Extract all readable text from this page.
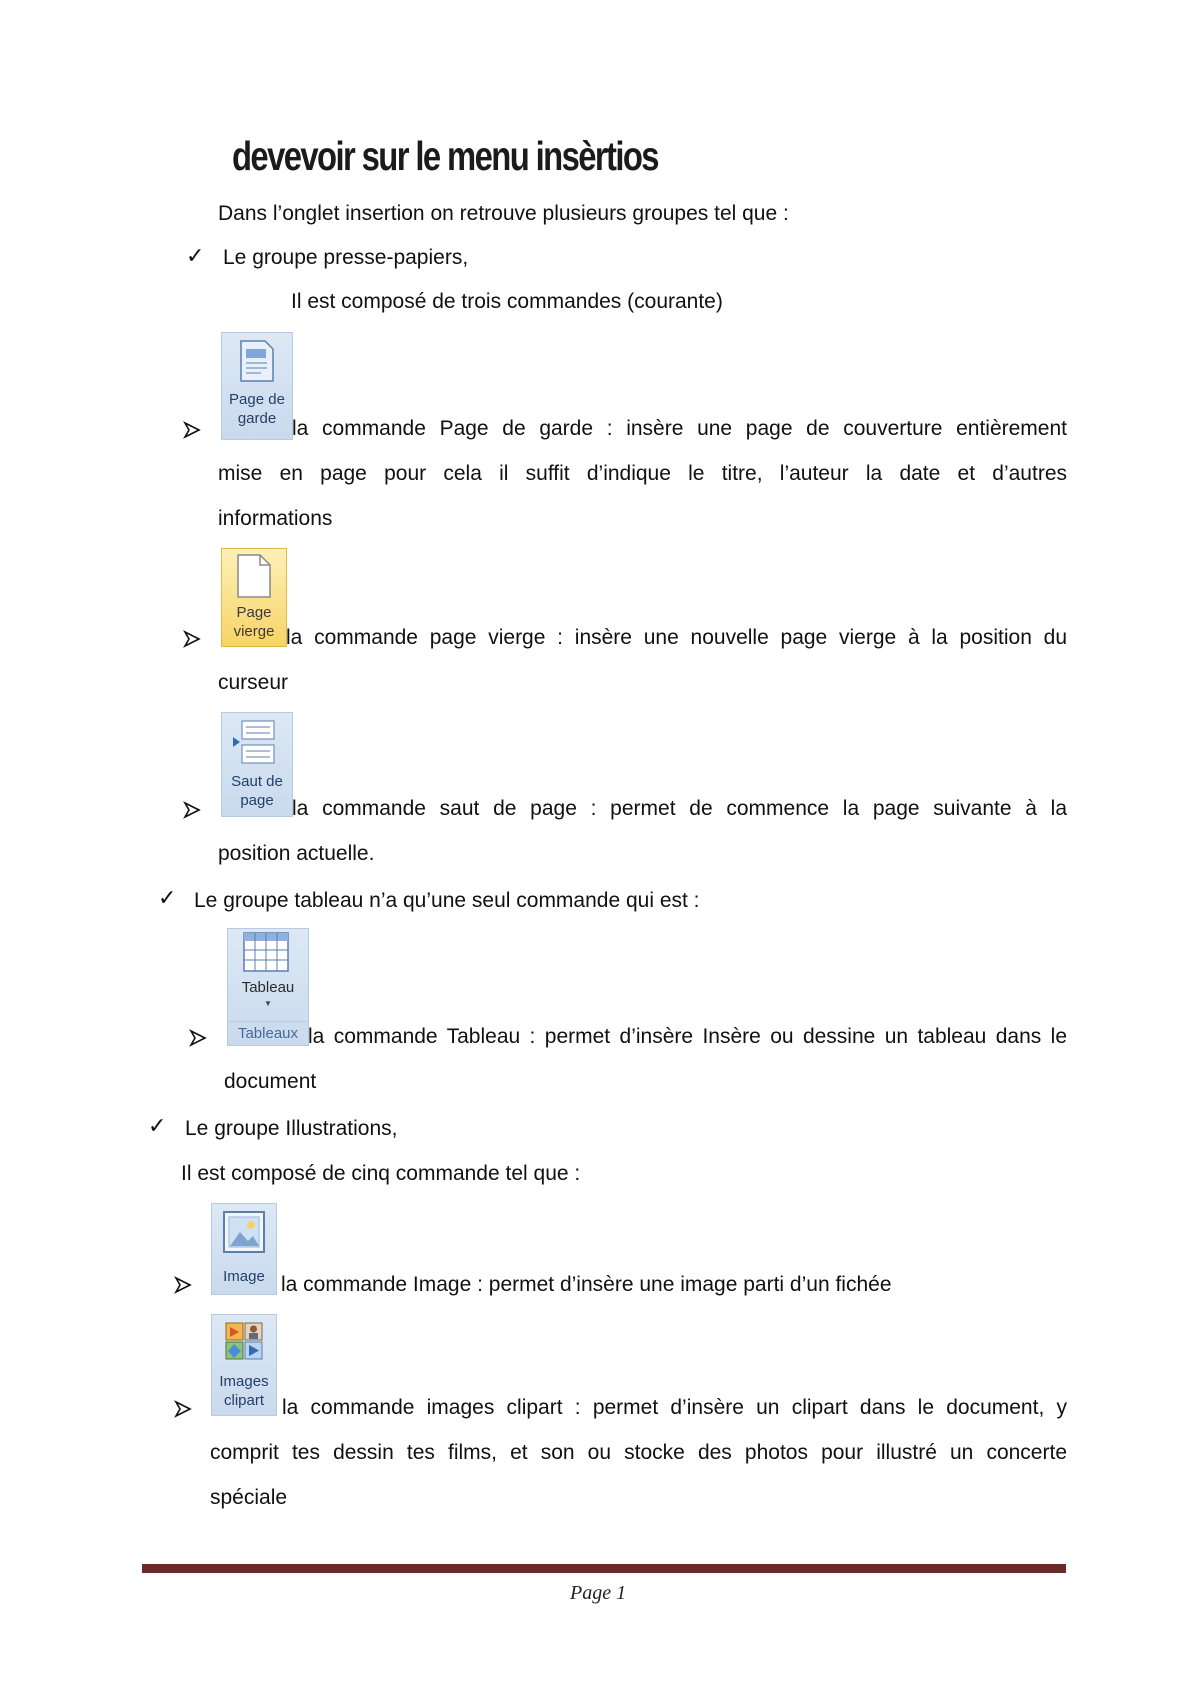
devevoir sur le menu insèrtios
Dans l’onglet insertion on retrouve plusieurs groupes tel que :
✓ Le groupe presse-papiers,
Il est composé de trois commandes (courante)
Page de
garde la commande Page de garde : insère une page de couverture entièrement
mise en page pour cela il suffit d’indique le titre, l’auteur la date et d’autres
informations
Page
vierge la commande page vierge : insère une nouvelle page vierge à la position du
curseur
Saut de
page la commande saut de page : permet de commence la page suivante à la
position actuelle.
✓ Le groupe tableau n’a qu’une seul commande qui est :
Tableau
▼
Tableaux la commande Tableau : permet d’insère Insère ou dessine un tableau dans le
document
✓ Le groupe Illustrations,
Il est composé de cinq commande tel que :
Image la commande Image : permet d’insère une image parti d’un fichée
Images
clipart la commande images clipart : permet d’insère un clipart dans le document, y
comprit tes dessin tes films, et son ou stocke des photos pour illustré un concerte
spéciale
Page 1
